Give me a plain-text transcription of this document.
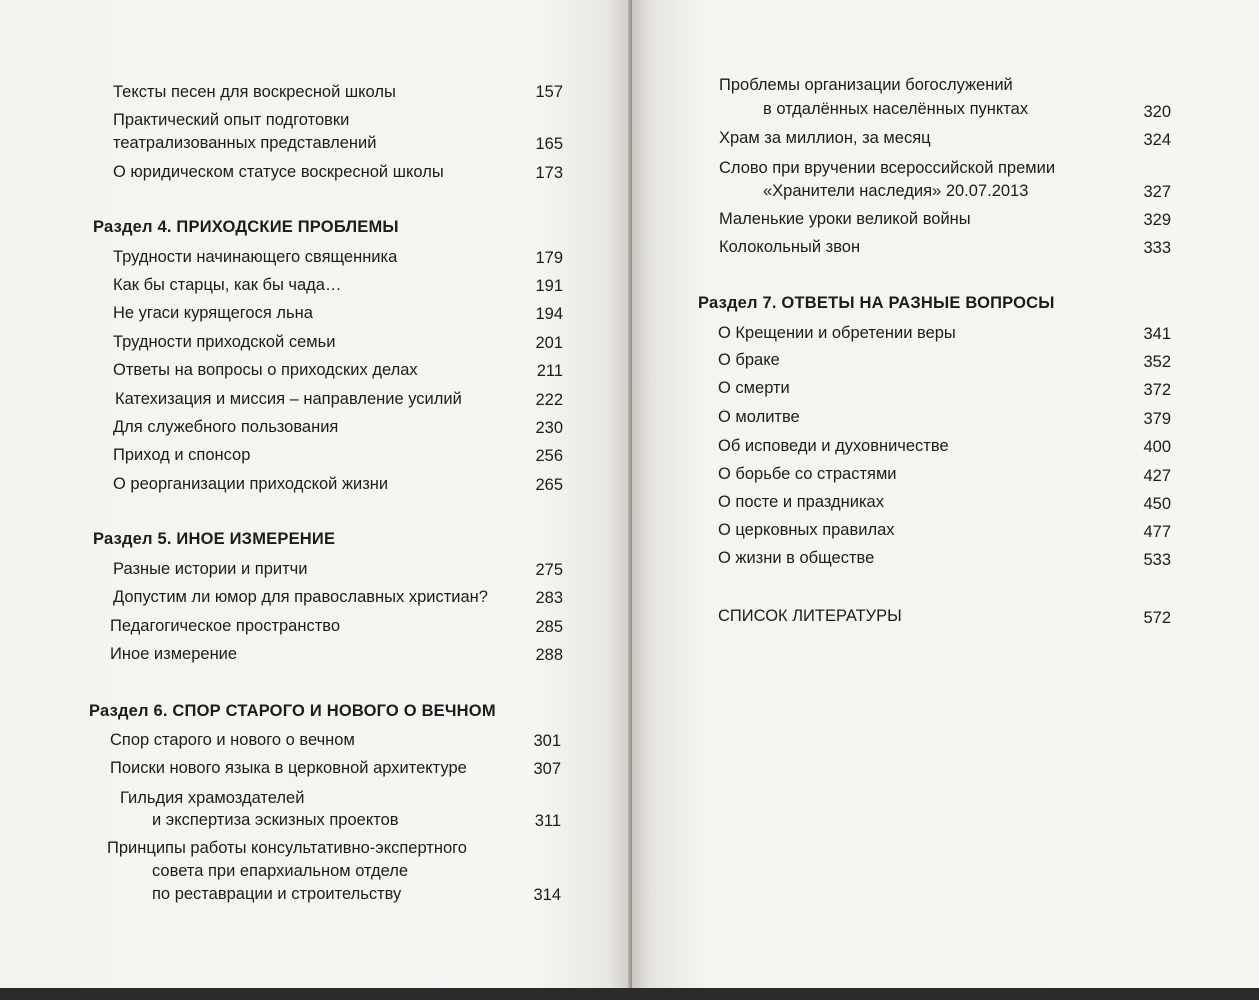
Тексты песен для воскресной школы	157
Практический опыт подготовки
театрализованных представлений	165
О юридическом статусе воскресной школы	173
Раздел 4. ПРИХОДСКИЕ ПРОБЛЕМЫ
Трудности начинающего священника	179
Как бы старцы, как бы чада…	191
Не угаси курящегося льна	194
Трудности приходской семьи	201
Ответы на вопросы о приходских делах	211
Катехизация и миссия – направление усилий	222
Для служебного пользования	230
Приход и спонсор	256
О реорганизации приходской жизни	265
Раздел 5. ИНОЕ ИЗМЕРЕНИЕ
Разные истории и притчи	275
Допустим ли юмор для православных христиан?	283
Педагогическое пространство	285
Иное измерение	288
Раздел 6. СПОР СТАРОГО И НОВОГО О ВЕЧНОМ
Спор старого и нового о вечном	301
Поиски нового языка в церковной архитектуре	307
Гильдия храмоздателей
и экспертиза эскизных проектов	311
Принципы работы консультативно-экспертного
совета при епархиальном отделе
по реставрации и строительству	314
Проблемы организации богослужений
в отдалённых населённых пунктах	320
Храм за миллион, за месяц	324
Слово при вручении всероссийской премии
«Хранители наследия» 20.07.2013	327
Маленькие уроки великой войны	329
Колокольный звон	333
Раздел 7. ОТВЕТЫ НА РАЗНЫЕ ВОПРОСЫ
О Крещении и обретении веры	341
О браке	352
О смерти	372
О молитве	379
Об исповеди и духовничестве	400
О борьбе со страстями	427
О посте и праздниках	450
О церковных правилах	477
О жизни в обществе	533
СПИСОК ЛИТЕРАТУРЫ	572
